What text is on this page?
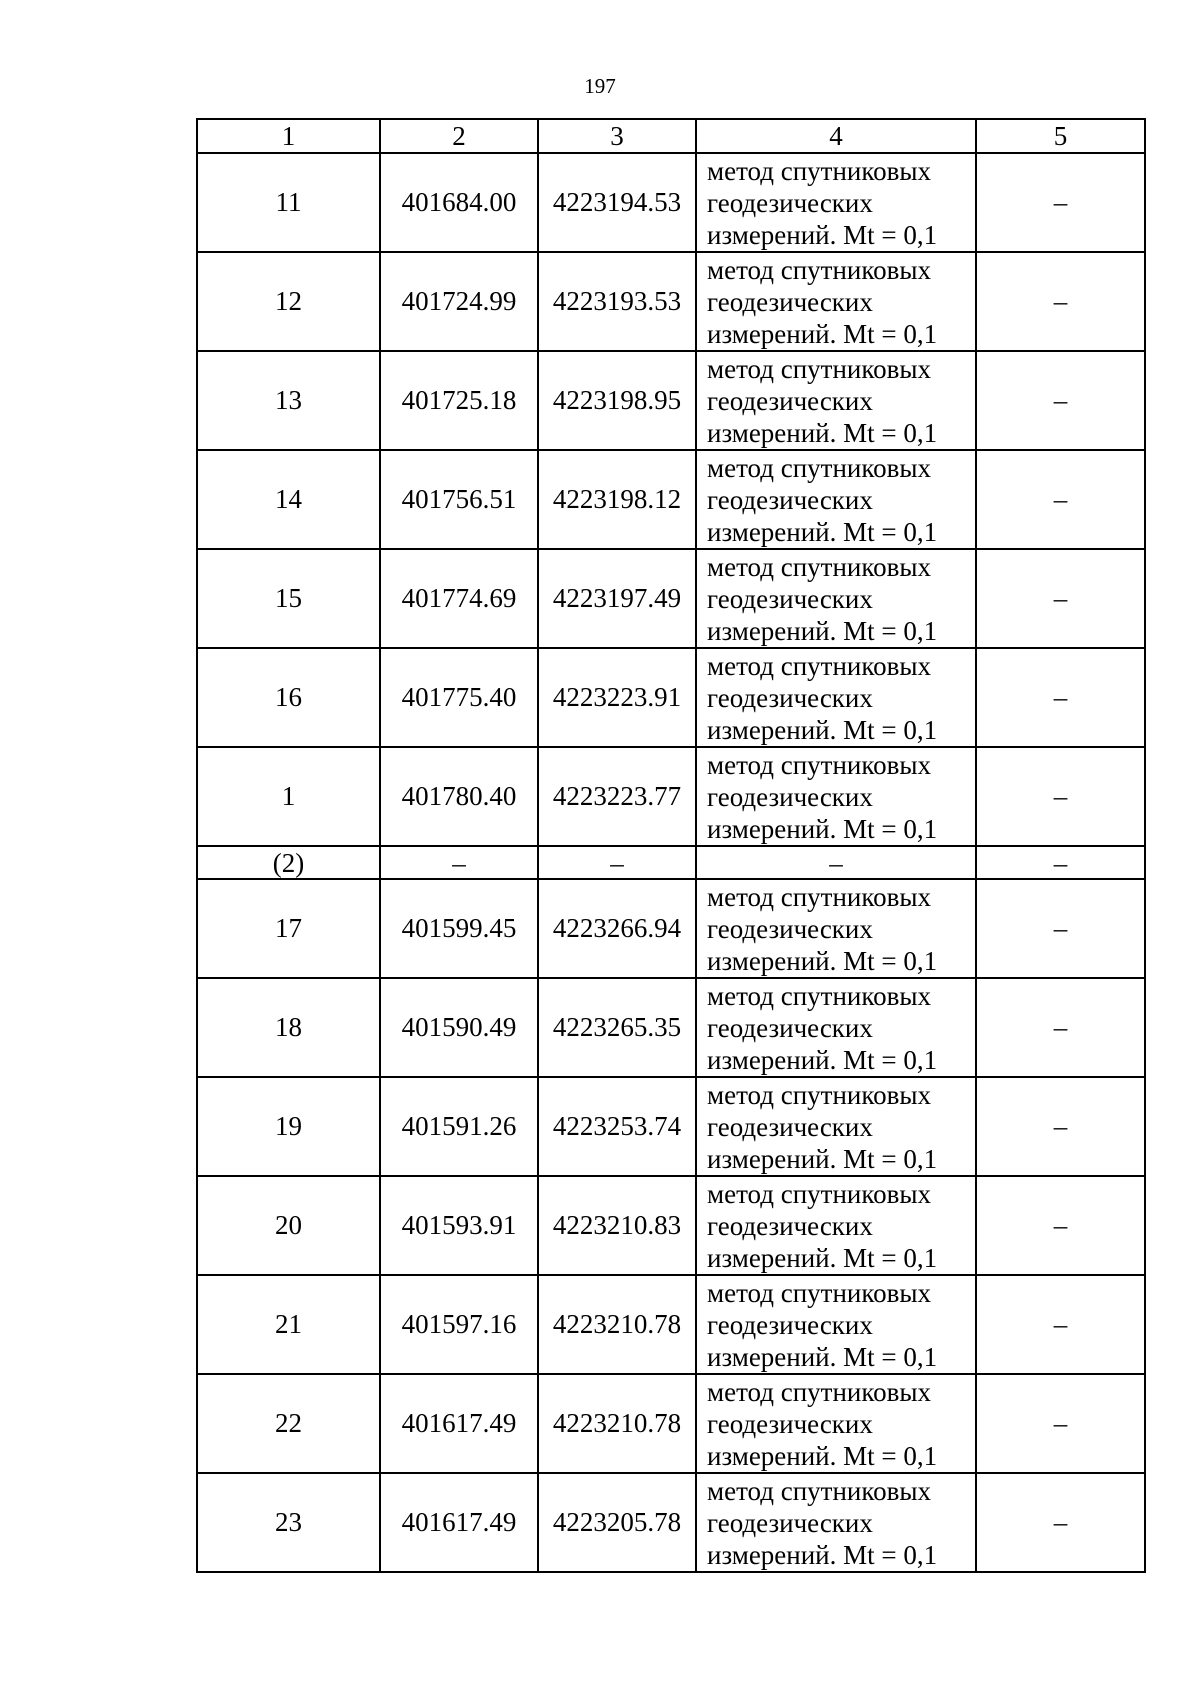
197
1	2	3	4	5
11	401684.00	4223194.53	метод спутниковых
геодезических
измерений. Mt = 0,1	–
12	401724.99	4223193.53	метод спутниковых
геодезических
измерений. Mt = 0,1	–
13	401725.18	4223198.95	метод спутниковых
геодезических
измерений. Mt = 0,1	–
14	401756.51	4223198.12	метод спутниковых
геодезических
измерений. Mt = 0,1	–
15	401774.69	4223197.49	метод спутниковых
геодезических
измерений. Mt = 0,1	–
16	401775.40	4223223.91	метод спутниковых
геодезических
измерений. Mt = 0,1	–
1	401780.40	4223223.77	метод спутниковых
геодезических
измерений. Mt = 0,1	–
(2)	–	–	–	–
17	401599.45	4223266.94	метод спутниковых
геодезических
измерений. Mt = 0,1	–
18	401590.49	4223265.35	метод спутниковых
геодезических
измерений. Mt = 0,1	–
19	401591.26	4223253.74	метод спутниковых
геодезических
измерений. Mt = 0,1	–
20	401593.91	4223210.83	метод спутниковых
геодезических
измерений. Mt = 0,1	–
21	401597.16	4223210.78	метод спутниковых
геодезических
измерений. Mt = 0,1	–
22	401617.49	4223210.78	метод спутниковых
геодезических
измерений. Mt = 0,1	–
23	401617.49	4223205.78	метод спутниковых
геодезических
измерений. Mt = 0,1	–
